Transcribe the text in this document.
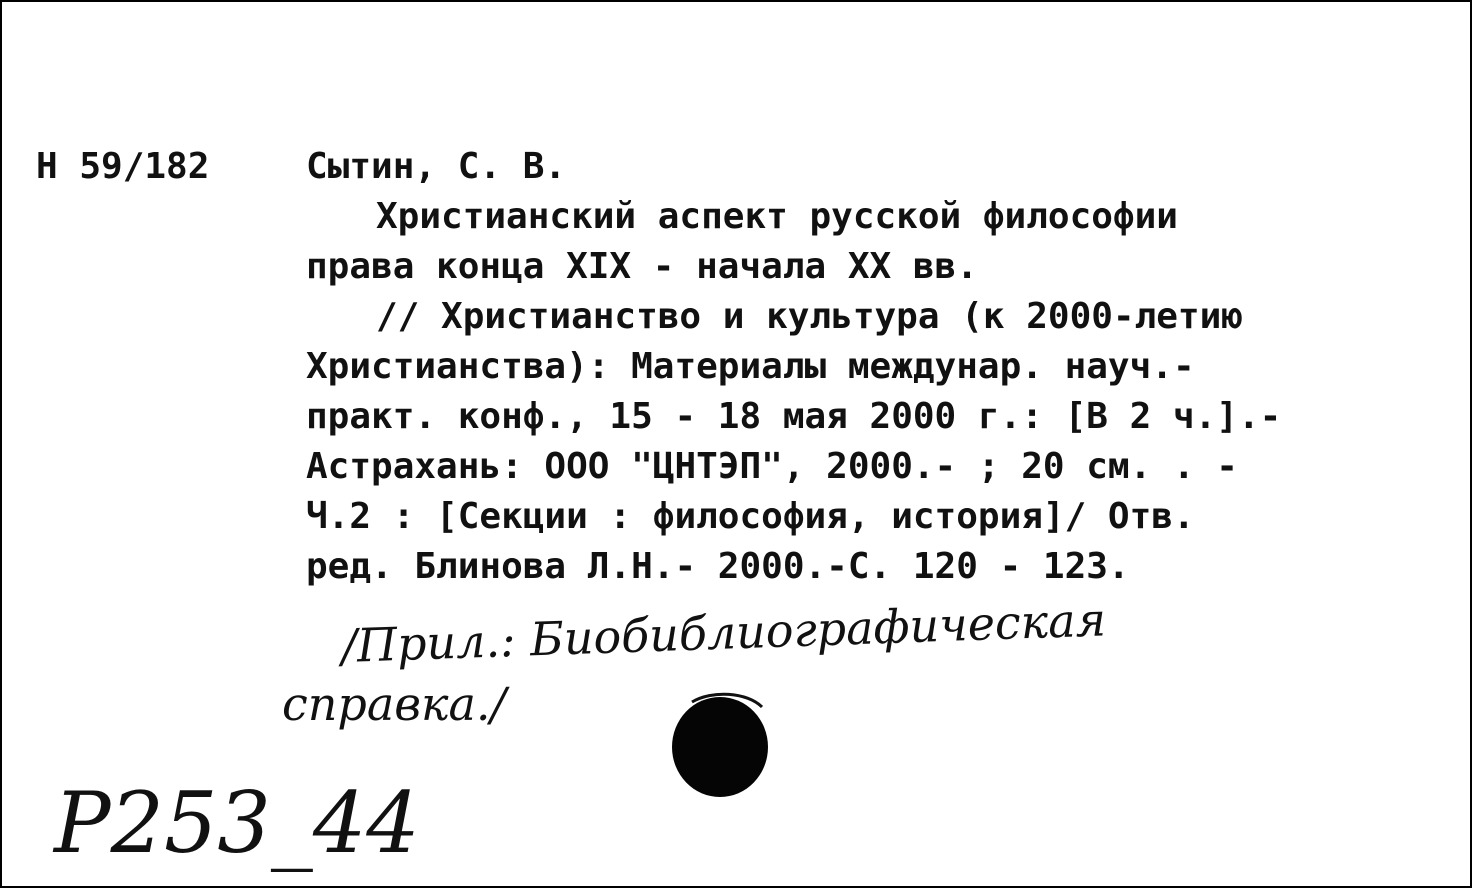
Н 59/182	Сытин, С. В.
Христианский аспект русской философии
права конца XIX - начала XX вв.
// Христианство и культура (к 2000-летию
Христианства): Материалы междунар. науч.-
практ. конф., 15 - 18 мая 2000 г.: [В 2 ч.].-
Астрахань: ООО "ЦНТЭП", 2000.- ; 20 см. . -
Ч.2 : [Секции : философия, история]/ Отв.
ред. Блинова Л.Н.- 2000.-С. 120 - 123.
/Прил.: Биобиблиографическая
справка./
Р253_44
